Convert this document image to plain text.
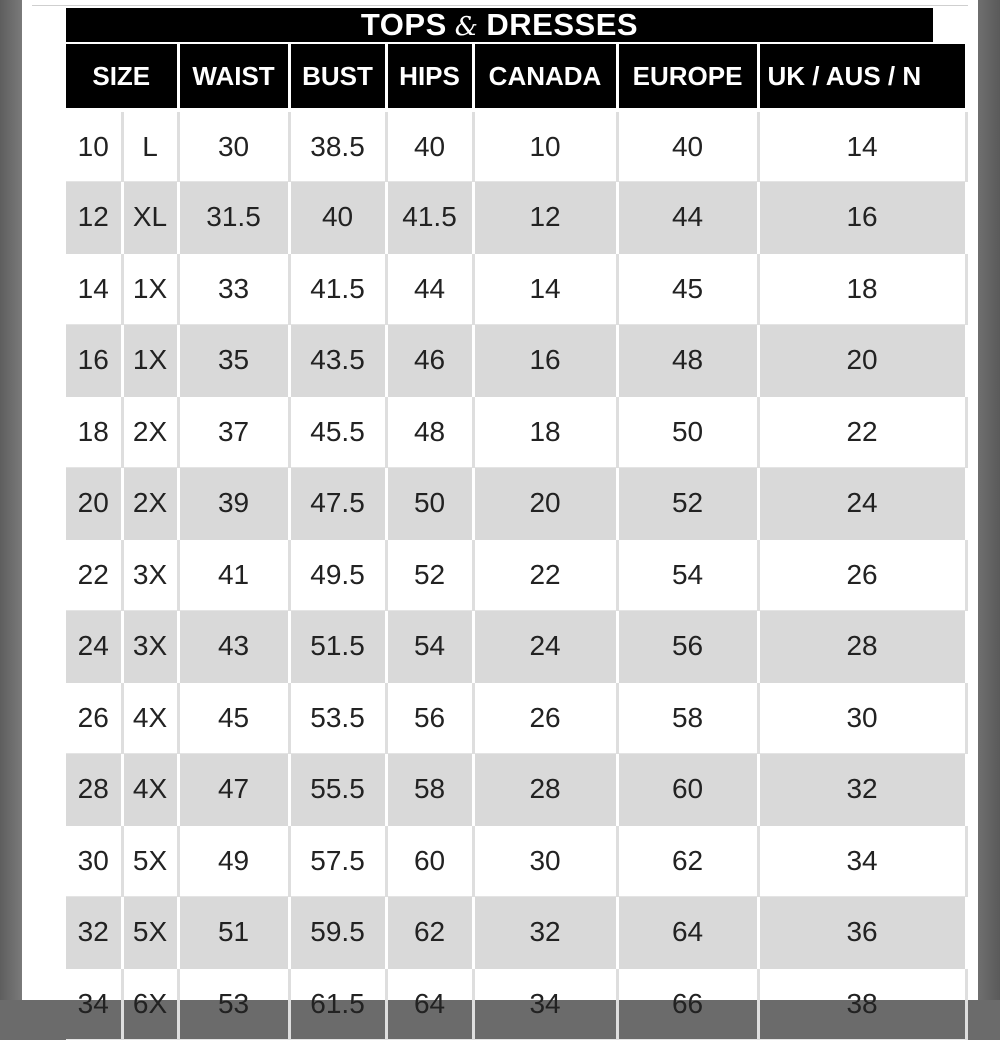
TOPS & DRESSES
SIZE		WAIST	BUST	HIPS	CANADA	EUROPE	UK / AUS / N
10	L	30	38.5	40	10	40	14
12	XL	31.5	40	41.5	12	44	16
14	1X	33	41.5	44	14	45	18
16	1X	35	43.5	46	16	48	20
18	2X	37	45.5	48	18	50	22
20	2X	39	47.5	50	20	52	24
22	3X	41	49.5	52	22	54	26
24	3X	43	51.5	54	24	56	28
26	4X	45	53.5	56	26	58	30
28	4X	47	55.5	58	28	60	32
30	5X	49	57.5	60	30	62	34
32	5X	51	59.5	62	32	64	36
34	6X	53	61.5	64	34	66	38
